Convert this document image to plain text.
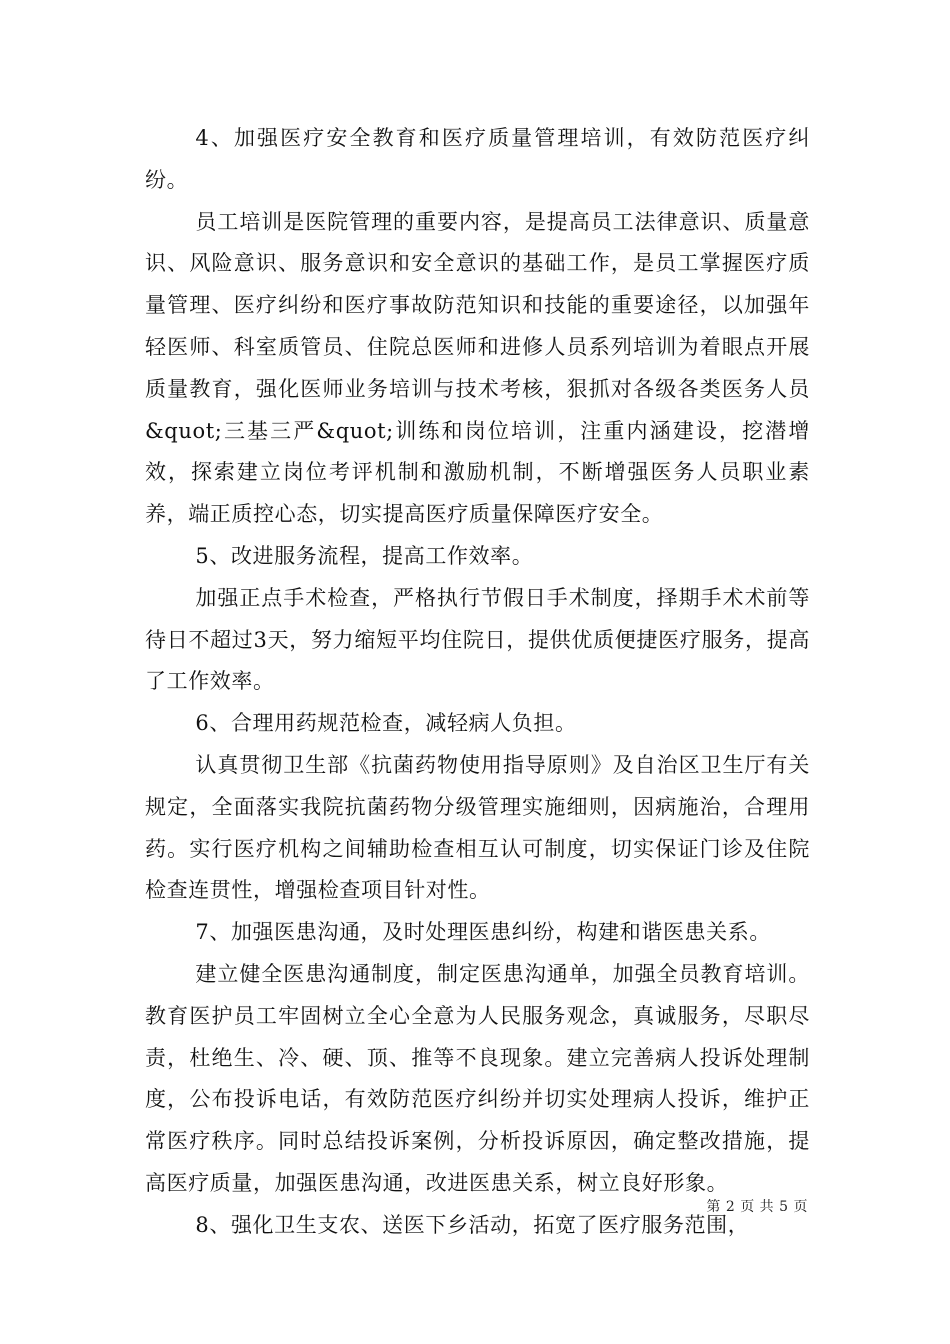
4、加强医疗安全教育和医疗质量管理培训，有效防范医疗纠纷。

员工培训是医院管理的重要内容，是提高员工法律意识、质量意识、风险意识、服务意识和安全意识的基础工作，是员工掌握医疗质量管理、医疗纠纷和医疗事故防范知识和技能的重要途径，以加强年轻医师、科室质管员、住院总医师和进修人员系列培训为着眼点开展质量教育，强化医师业务培训与技术考核，狠抓对各级各类医务人员&quot;三基三严&quot;训练和岗位培训，注重内涵建设，挖潜增效，探索建立岗位考评机制和激励机制，不断增强医务人员职业素养，端正质控心态，切实提高医疗质量保障医疗安全。

5、改进服务流程，提高工作效率。

加强正点手术检查，严格执行节假日手术制度，择期手术术前等待日不超过3天，努力缩短平均住院日，提供优质便捷医疗服务，提高了工作效率。

6、合理用药规范检查，减轻病人负担。

认真贯彻卫生部《抗菌药物使用指导原则》及自治区卫生厅有关规定，全面落实我院抗菌药物分级管理实施细则，因病施治，合理用药。实行医疗机构之间辅助检查相互认可制度，切实保证门诊及住院检查连贯性，增强检查项目针对性。

7、加强医患沟通，及时处理医患纠纷，构建和谐医患关系。

建立健全医患沟通制度，制定医患沟通单，加强全员教育培训。教育医护员工牢固树立全心全意为人民服务观念，真诚服务，尽职尽责，杜绝生、冷、硬、顶、推等不良现象。建立完善病人投诉处理制度，公布投诉电话，有效防范医疗纠纷并切实处理病人投诉，维护正常医疗秩序。同时总结投诉案例，分析投诉原因，确定整改措施，提高医疗质量，加强医患沟通，改进医患关系，树立良好形象。

8、强化卫生支农、送医下乡活动，拓宽了医疗服务范围，

第 2 页 共 5 页
